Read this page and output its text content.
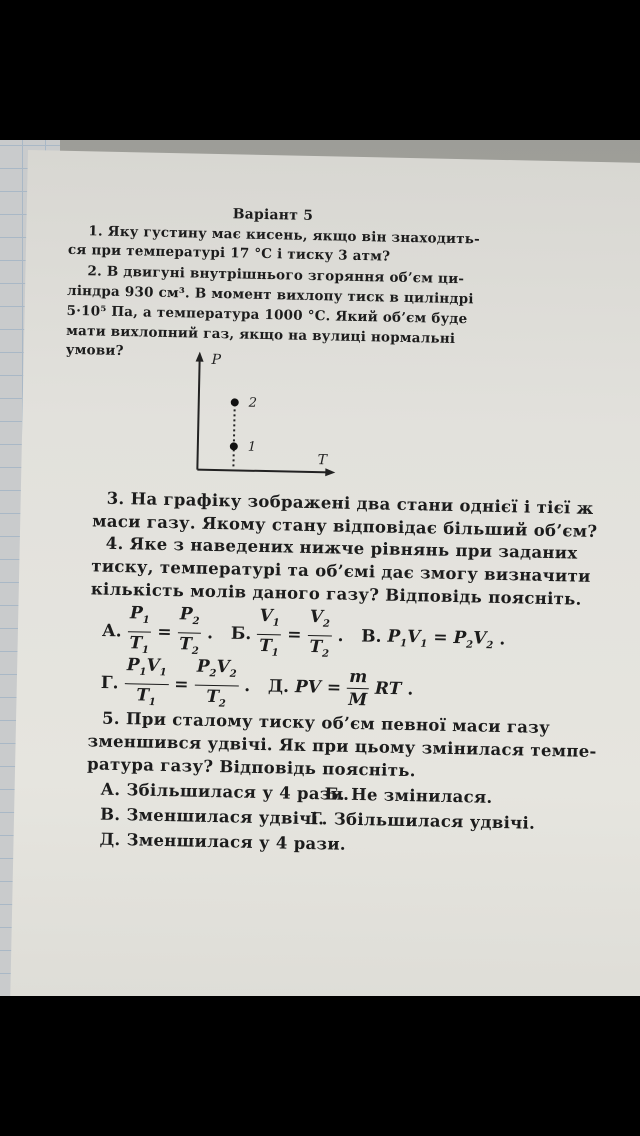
Варіант 5
1. Яку густину має кисень, якщо він знаходить-
ся при температурі 17 °С і тиску 3 атм?
2. В двигуні внутрішнього згоряння об’єм ци-
ліндра 930 см³. В момент вихлопу тиск в циліндрі
5·10⁵ Па, а температура 1000 °С. Який об’єм буде
мати вихлопний газ, якщо на вулиці нормальні
умови?
P
T
2
1
3. На графіку зображені два стани однієї і тієї ж
маси газу. Якому стану відповідає більший об’єм?
4. Яке з наведених нижче рівнянь при заданих
тиску, температурі та об’ємі дає змогу визначити
кількість молів даного газу? Відповідь поясніть.
А. $\frac{P_1}{T_1} = \frac{P_2}{T_2}$ .   Б. $\frac{V_1}{T_1} = \frac{V_2}{T_2}$ .   В. $P_1V_1 = P_2V_2$ .
Г. $\frac{P_1V_1}{T_1} = \frac{P_2V_2}{T_2}$ .   Д. PV = $\frac{m}{M}$ RT .
5. При сталому тиску об’єм певної маси газу
зменшився удвічі. Як при цьому змінилася темпе-
ратура газу? Відповідь поясніть.
А. Збільшилася у 4 рази.
Б. Не змінилася.
В. Зменшилася удвічі.
Г. Збільшилася удвічі.
Д. Зменшилася у 4 рази.
